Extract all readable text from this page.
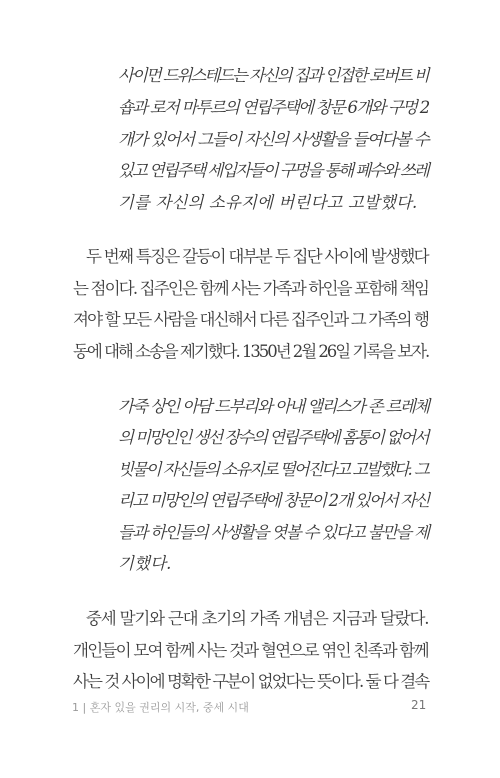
사이먼 드위스테드는 자신의 집과 인접한 로버트 비
숍과 로저 마투르의 연립주택에 창문 6개와 구멍 2
개가 있어서 그들이 자신의 사생활을 들여다볼 수
있고 연립주택 세입자들이 구멍을 통해 폐수와 쓰레
기를 자신의 소유지에 버린다고 고발했다.
두 번째 특징은 갈등이 대부분 두 집단 사이에 발생했다
는 점이다. 집주인은 함께 사는 가족과 하인을 포함해 책임
져야 할 모든 사람을 대신해서 다른 집주인과 그 가족의 행
동에 대해 소송을 제기했다. 1350년 2월 26일 기록을 보자.
가죽 상인 아담 드부리와 아내 앨리스가 존 르레체
의 미망인인 생선 장수의 연립주택에 홈통이 없어서
빗물이 자신들의 소유지로 떨어진다고 고발했다. 그
리고 미망인의 연립주택에 창문이 2개 있어서 자신
들과 하인들의 사생활을 엿볼 수 있다고 불만을 제
기했다.
중세 말기와 근대 초기의 가족 개념은 지금과 달랐다.
개인들이 모여 함께 사는 것과 혈연으로 엮인 친족과 함께
사는 것 사이에 명확한 구분이 없었다는 뜻이다. 둘 다 결속
1 | 혼자 있을 권리의 시작, 중세 시대	21
